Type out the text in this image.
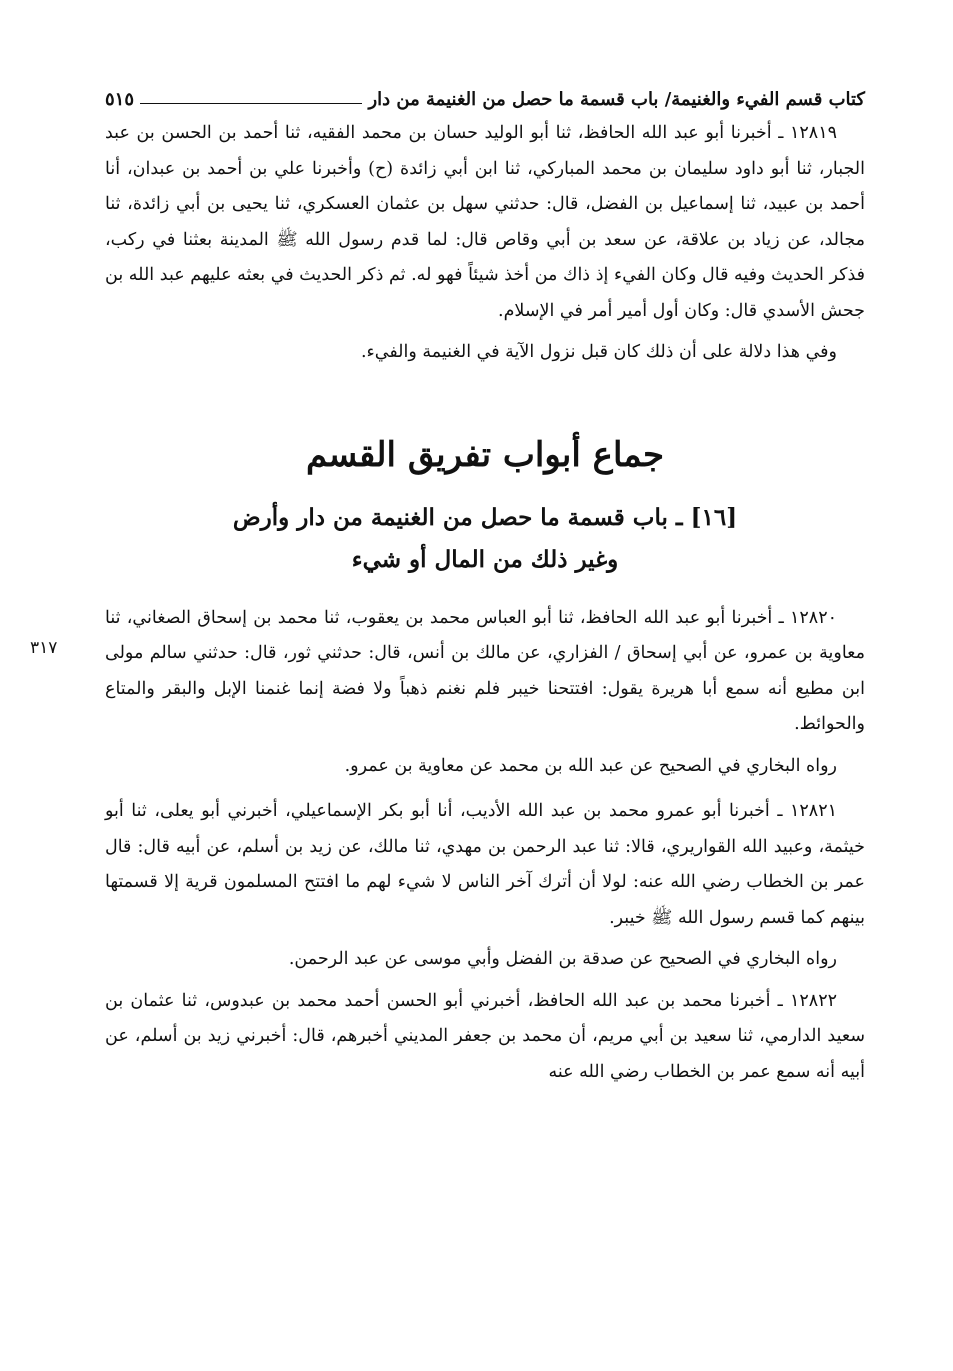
كتاب قسم الفيء والغنيمة/ باب قسمة ما حصل من الغنيمة من دار
٥١٥

١٢٨١٩ ـ أخبرنا أبو عبد الله الحافظ، ثنا أبو الوليد حسان بن محمد الفقيه، ثنا أحمد بن الحسن بن عبد الجبار، ثنا أبو داود سليمان بن محمد المباركي، ثنا ابن أبي زائدة (ح) وأخبرنا علي بن أحمد بن عبدان، أنا أحمد بن عبيد، ثنا إسماعيل بن الفضل، قال: حدثني سهل بن عثمان العسكري، ثنا يحيى بن أبي زائدة، ثنا مجالد، عن زياد بن علاقة، عن سعد بن أبي وقاص قال: لما قدم رسول الله ﷺ المدينة بعثنا في ركب، فذكر الحديث وفيه قال وكان الفيء إذ ذاك من أخذ شيئاً فهو له. ثم ذكر الحديث في بعثه عليهم عبد الله بن جحش الأسدي قال: وكان أول أمير أمر في الإسلام.

وفي هذا دلالة على أن ذلك كان قبل نزول الآية في الغنيمة والفيء.

جماع أبواب تفريق القسم
[١٦] ـ باب قسمة ما حصل من الغنيمة من دار وأرض
وغير ذلك من المال أو شيء

١٢٨٢٠ ـ أخبرنا أبو عبد الله الحافظ، ثنا أبو العباس محمد بن يعقوب، ثنا محمد بن إسحاق الصغاني، ثنا معاوية بن عمرو، عن أبي إسحاق / الفزاري، عن مالك بن أنس، قال: حدثني ثور، قال: حدثني سالم مولى ابن مطيع أنه سمع أبا هريرة يقول: افتتحنا خيبر فلم نغنم ذهباً ولا فضة إنما غنمنا الإبل والبقر والمتاع والحوائط.

٣١٧

رواه البخاري في الصحيح عن عبد الله بن محمد عن معاوية بن عمرو.

١٢٨٢١ ـ أخبرنا أبو عمرو محمد بن عبد الله الأديب، أنا أبو بكر الإسماعيلي، أخبرني أبو يعلى، ثنا أبو خيثمة، وعبيد الله القواريري، قالا: ثنا عبد الرحمن بن مهدي، ثنا مالك، عن زيد بن أسلم، عن أبيه قال: قال عمر بن الخطاب رضي الله عنه: لولا أن أترك آخر الناس لا شيء لهم ما افتتح المسلمون قرية إلا قسمتها بينهم كما قسم رسول الله ﷺ خيبر.

رواه البخاري في الصحيح عن صدقة بن الفضل وأبي موسى عن عبد الرحمن.

١٢٨٢٢ ـ أخبرنا محمد بن عبد الله الحافظ، أخبرني أبو الحسن أحمد محمد بن عبدوس، ثنا عثمان بن سعيد الدارمي، ثنا سعيد بن أبي مريم، أن محمد بن جعفر المديني أخبرهم، قال: أخبرني زيد بن أسلم، عن أبيه أنه سمع عمر بن الخطاب رضي الله عنه
